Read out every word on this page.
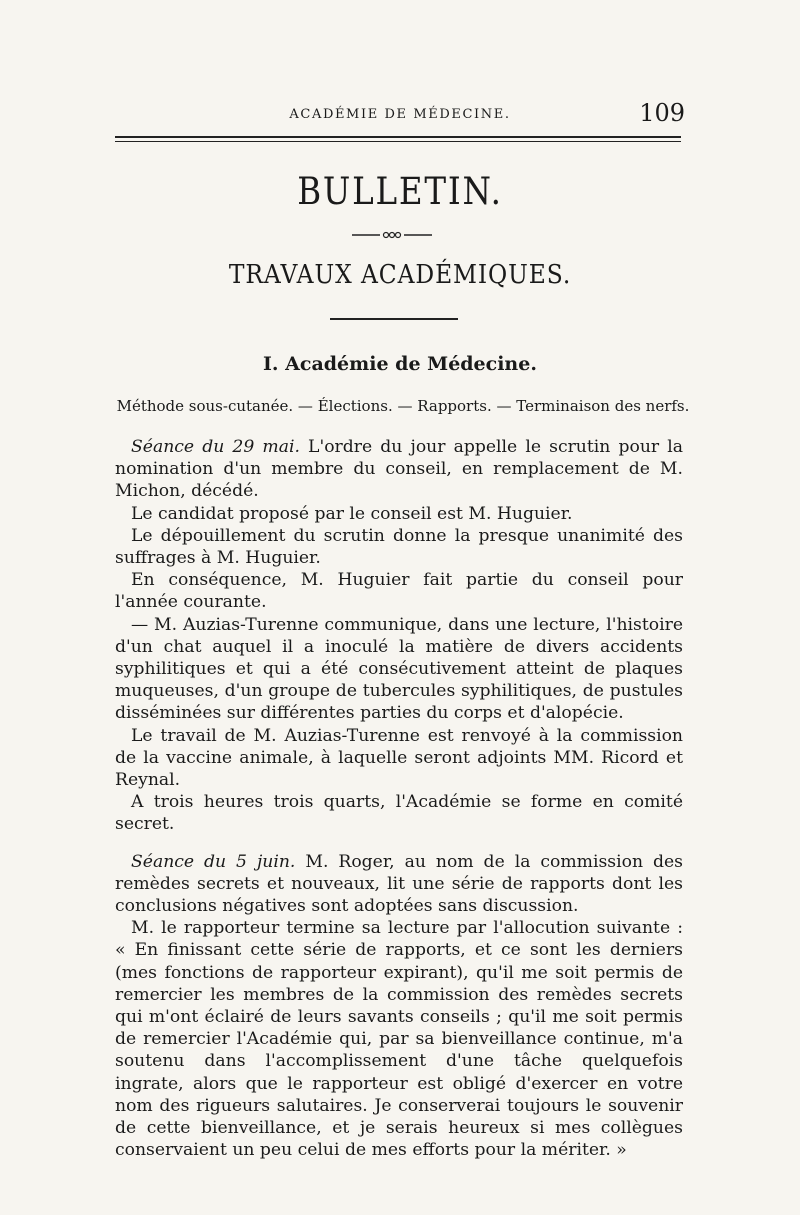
ACADÉMIE DE MÉDECINE.	109
BULLETIN.
TRAVAUX ACADÉMIQUES.
I. Académie de Médecine.
Méthode sous-cutanée. — Élections. — Rapports. — Terminaison des nerfs.

Séance du 29 mai. L'ordre du jour appelle le scrutin pour la nomination d'un membre du conseil, en remplacement de M. Michon, décédé.

Le candidat proposé par le conseil est M. Huguier.

Le dépouillement du scrutin donne la presque unanimité des suffrages à M. Huguier.

En conséquence, M. Huguier fait partie du conseil pour l'année courante.

— M. Auzias-Turenne communique, dans une lecture, l'histoire d'un chat auquel il a inoculé la matière de divers accidents syphilitiques et qui a été consécutivement atteint de plaques muqueuses, d'un groupe de tubercules syphilitiques, de pustules disséminées sur différentes parties du corps et d'alopécie.

Le travail de M. Auzias-Turenne est renvoyé à la commission de la vaccine animale, à laquelle seront adjoints MM. Ricord et Reynal.

A trois heures trois quarts, l'Académie se forme en comité secret.

Séance du 5 juin. M. Roger, au nom de la commission des remèdes secrets et nouveaux, lit une série de rapports dont les conclusions négatives sont adoptées sans discussion.

M. le rapporteur termine sa lecture par l'allocution suivante : « En finissant cette série de rapports, et ce sont les derniers (mes fonctions de rapporteur expirant), qu'il me soit permis de remercier les membres de la commission des remèdes secrets qui m'ont éclairé de leurs savants conseils ; qu'il me soit permis de remercier l'Académie qui, par sa bienveillance continue, m'a soutenu dans l'accomplissement d'une tâche quelquefois ingrate, alors que le rapporteur est obligé d'exercer en votre nom des rigueurs salutaires. Je conserverai toujours le souvenir de cette bienveillance, et je serais heureux si mes collègues conservaient un peu celui de mes efforts pour la mériter. »
